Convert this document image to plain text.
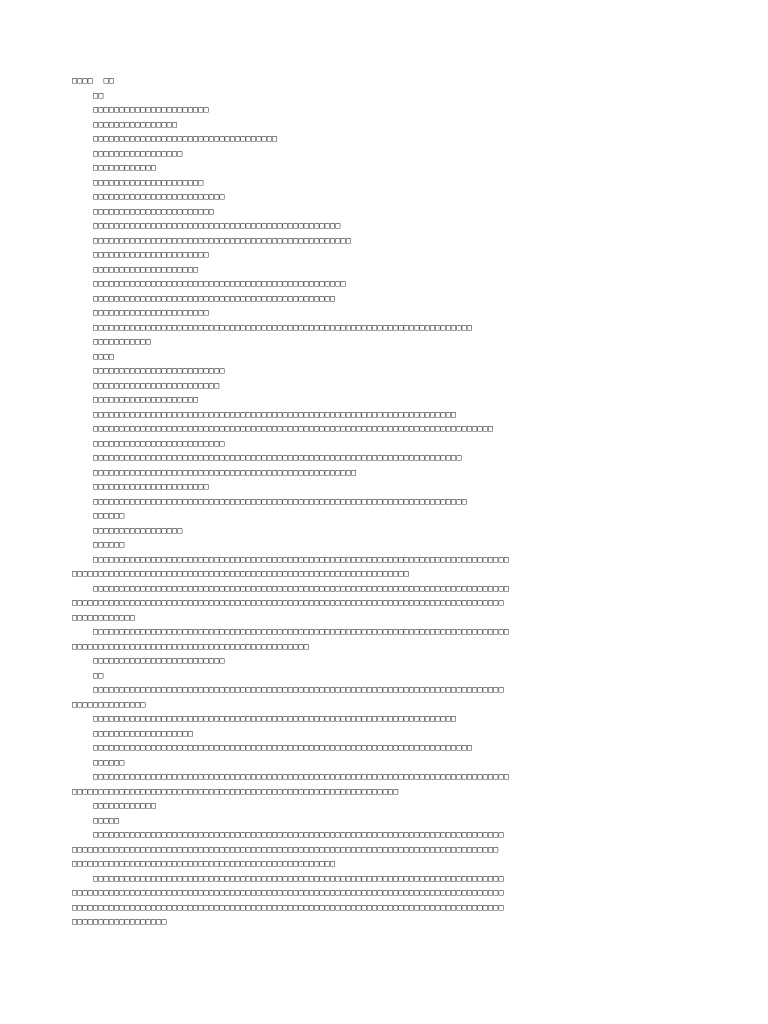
□□□□  □□
□□
□□□□□□□□□□□□□□□□□□□□□□
□□□□□□□□□□□□□□□□
□□□□□□□□□□□□□□□□□□□□□□□□□□□□□□□□□□□
□□□□□□□□□□□□□□□□□
□□□□□□□□□□□□
□□□□□□□□□□□□□□□□□□□□□
□□□□□□□□□□□□□□□□□□□□□□□□□
□□□□□□□□□□□□□□□□□□□□□□□
□□□□□□□□□□□□□□□□□□□□□□□□□□□□□□□□□□□□□□□□□□□□□□□
□□□□□□□□□□□□□□□□□□□□□□□□□□□□□□□□□□□□□□□□□□□□□□□□□
□□□□□□□□□□□□□□□□□□□□□□
□□□□□□□□□□□□□□□□□□□□
□□□□□□□□□□□□□□□□□□□□□□□□□□□□□□□□□□□□□□□□□□□□□□□□
□□□□□□□□□□□□□□□□□□□□□□□□□□□□□□□□□□□□□□□□□□□□□□
□□□□□□□□□□□□□□□□□□□□□□
□□□□□□□□□□□□□□□□□□□□□□□□□□□□□□□□□□□□□□□□□□□□□□□□□□□□□□□□□□□□□□□□□□□□□□□□
□□□□□□□□□□□
□□□□
□□□□□□□□□□□□□□□□□□□□□□□□□
□□□□□□□□□□□□□□□□□□□□□□□□
□□□□□□□□□□□□□□□□□□□□
□□□□□□□□□□□□□□□□□□□□□□□□□□□□□□□□□□□□□□□□□□□□□□□□□□□□□□□□□□□□□□□□□□□□□
□□□□□□□□□□□□□□□□□□□□□□□□□□□□□□□□□□□□□□□□□□□□□□□□□□□□□□□□□□□□□□□□□□□□□□□□□□□□
□□□□□□□□□□□□□□□□□□□□□□□□□
□□□□□□□□□□□□□□□□□□□□□□□□□□□□□□□□□□□□□□□□□□□□□□□□□□□□□□□□□□□□□□□□□□□□□□
□□□□□□□□□□□□□□□□□□□□□□□□□□□□□□□□□□□□□□□□□□□□□□□□□□
□□□□□□□□□□□□□□□□□□□□□□
□□□□□□□□□□□□□□□□□□□□□□□□□□□□□□□□□□□□□□□□□□□□□□□□□□□□□□□□□□□□□□□□□□□□□□□
□□□□□□
□□□□□□□□□□□□□□□□□
□□□□□□
□□□□□□□□□□□□□□□□□□□□□□□□□□□□□□□□□□□□□□□□□□□□□□□□□□□□□□□□□□□□□□□□□□□□□□□□□□□□□□□
□□□□□□□□□□□□□□□□□□□□□□□□□□□□□□□□□□□□□□□□□□□□□□□□□□□□□□□□□□□□□□□□
□□□□□□□□□□□□□□□□□□□□□□□□□□□□□□□□□□□□□□□□□□□□□□□□□□□□□□□□□□□□□□□□□□□□□□□□□□□□□□□
□□□□□□□□□□□□□□□□□□□□□□□□□□□□□□□□□□□□□□□□□□□□□□□□□□□□□□□□□□□□□□□□□□□□□□□□□□□□□□□□□□
□□□□□□□□□□□□
□□□□□□□□□□□□□□□□□□□□□□□□□□□□□□□□□□□□□□□□□□□□□□□□□□□□□□□□□□□□□□□□□□□□□□□□□□□□□□□
□□□□□□□□□□□□□□□□□□□□□□□□□□□□□□□□□□□□□□□□□□□□□
□□□□□□□□□□□□□□□□□□□□□□□□□
□□
□□□□□□□□□□□□□□□□□□□□□□□□□□□□□□□□□□□□□□□□□□□□□□□□□□□□□□□□□□□□□□□□□□□□□□□□□□□□□□
□□□□□□□□□□□□□□
□□□□□□□□□□□□□□□□□□□□□□□□□□□□□□□□□□□□□□□□□□□□□□□□□□□□□□□□□□□□□□□□□□□□□
□□□□□□□□□□□□□□□□□□□
□□□□□□□□□□□□□□□□□□□□□□□□□□□□□□□□□□□□□□□□□□□□□□□□□□□□□□□□□□□□□□□□□□□□□□□□
□□□□□□
□□□□□□□□□□□□□□□□□□□□□□□□□□□□□□□□□□□□□□□□□□□□□□□□□□□□□□□□□□□□□□□□□□□□□□□□□□□□□□□
□□□□□□□□□□□□□□□□□□□□□□□□□□□□□□□□□□□□□□□□□□□□□□□□□□□□□□□□□□□□□□
□□□□□□□□□□□□
□□□□□
□□□□□□□□□□□□□□□□□□□□□□□□□□□□□□□□□□□□□□□□□□□□□□□□□□□□□□□□□□□□□□□□□□□□□□□□□□□□□□
□□□□□□□□□□□□□□□□□□□□□□□□□□□□□□□□□□□□□□□□□□□□□□□□□□□□□□□□□□□□□□□□□□□□□□□□□□□□□□□□□
□□□□□□□□□□□□□□□□□□□□□□□□□□□□□□□□□□□□□□□□□□□□□□□□□□
□□□□□□□□□□□□□□□□□□□□□□□□□□□□□□□□□□□□□□□□□□□□□□□□□□□□□□□□□□□□□□□□□□□□□□□□□□□□□□
□□□□□□□□□□□□□□□□□□□□□□□□□□□□□□□□□□□□□□□□□□□□□□□□□□□□□□□□□□□□□□□□□□□□□□□□□□□□□□□□□□
□□□□□□□□□□□□□□□□□□□□□□□□□□□□□□□□□□□□□□□□□□□□□□□□□□□□□□□□□□□□□□□□□□□□□□□□□□□□□□□□□□
□□□□□□□□□□□□□□□□□□
